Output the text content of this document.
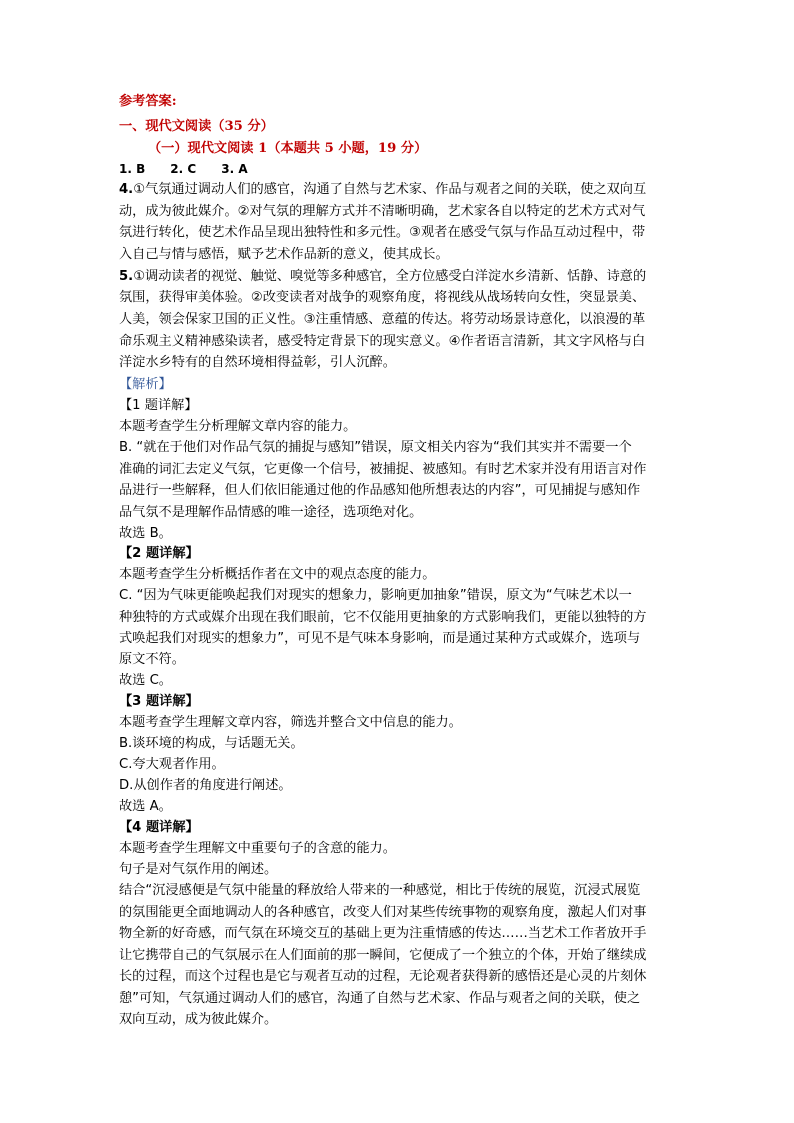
参考答案:
一、现代文阅读（35 分）
（一）现代文阅读 1（本题共 5 小题，19 分）
1. B      2. C      3. A
4.①气氛通过调动人们的感官，沟通了自然与艺术家、作品与观者之间的关联，使之双向互
动，成为彼此媒介。②对气氛的理解方式并不清晰明确，艺术家各自以特定的艺术方式对气
氛进行转化，使艺术作品呈现出独特性和多元性。③观者在感受气氛与作品互动过程中，带
入自己与情与感悟，赋予艺术作品新的意义，使其成长。
5.①调动读者的视觉、触觉、嗅觉等多种感官，全方位感受白洋淀水乡清新、恬静、诗意的
氛围，获得审美体验。②改变读者对战争的观察角度，将视线从战场转向女性，突显景美、
人美，领会保家卫国的正义性。③注重情感、意蕴的传达。将劳动场景诗意化，以浪漫的革
命乐观主义精神感染读者，感受特定背景下的现实意义。④作者语言清新，其文字风格与白
洋淀水乡特有的自然环境相得益彰，引人沉醉。
【解析】
【1 题详解】
本题考查学生分析理解文章内容的能力。
B. “就在于他们对作品气氛的捕捉与感知”错误，原文相关内容为“我们其实并不需要一个
准确的词汇去定义气氛，它更像一个信号，被捕捉、被感知。有时艺术家并没有用语言对作
品进行一些解释，但人们依旧能通过他的作品感知他所想表达的内容”，可见捕捉与感知作
品气氛不是理解作品情感的唯一途径，选项绝对化。
故选 B。
【2 题详解】
本题考查学生分析概括作者在文中的观点态度的能力。
C. “因为气味更能唤起我们对现实的想象力，影响更加抽象”错误，原文为“气味艺术以一
种独特的方式或媒介出现在我们眼前，它不仅能用更抽象的方式影响我们，更能以独特的方
式唤起我们对现实的想象力”，可见不是气味本身影响，而是通过某种方式或媒介，选项与
原文不符。
故选 C。
【3 题详解】
本题考查学生理解文章内容，筛选并整合文中信息的能力。
B.谈环境的构成，与话题无关。
C.夸大观者作用。
D.从创作者的角度进行阐述。
故选 A。
【4 题详解】
本题考查学生理解文中重要句子的含意的能力。
句子是对气氛作用的阐述。
结合“沉浸感便是气氛中能量的释放给人带来的一种感觉，相比于传统的展览，沉浸式展览
的氛围能更全面地调动人的各种感官，改变人们对某些传统事物的观察角度，激起人们对事
物全新的好奇感，而气氛在环境交互的基础上更为注重情感的传达……当艺术工作者放开手
让它携带自己的气氛展示在人们面前的那一瞬间，它便成了一个独立的个体，开始了继续成
长的过程，而这个过程也是它与观者互动的过程，无论观者获得新的感悟还是心灵的片刻休
憩”可知，气氛通过调动人们的感官，沟通了自然与艺术家、作品与观者之间的关联，使之
双向互动，成为彼此媒介。
